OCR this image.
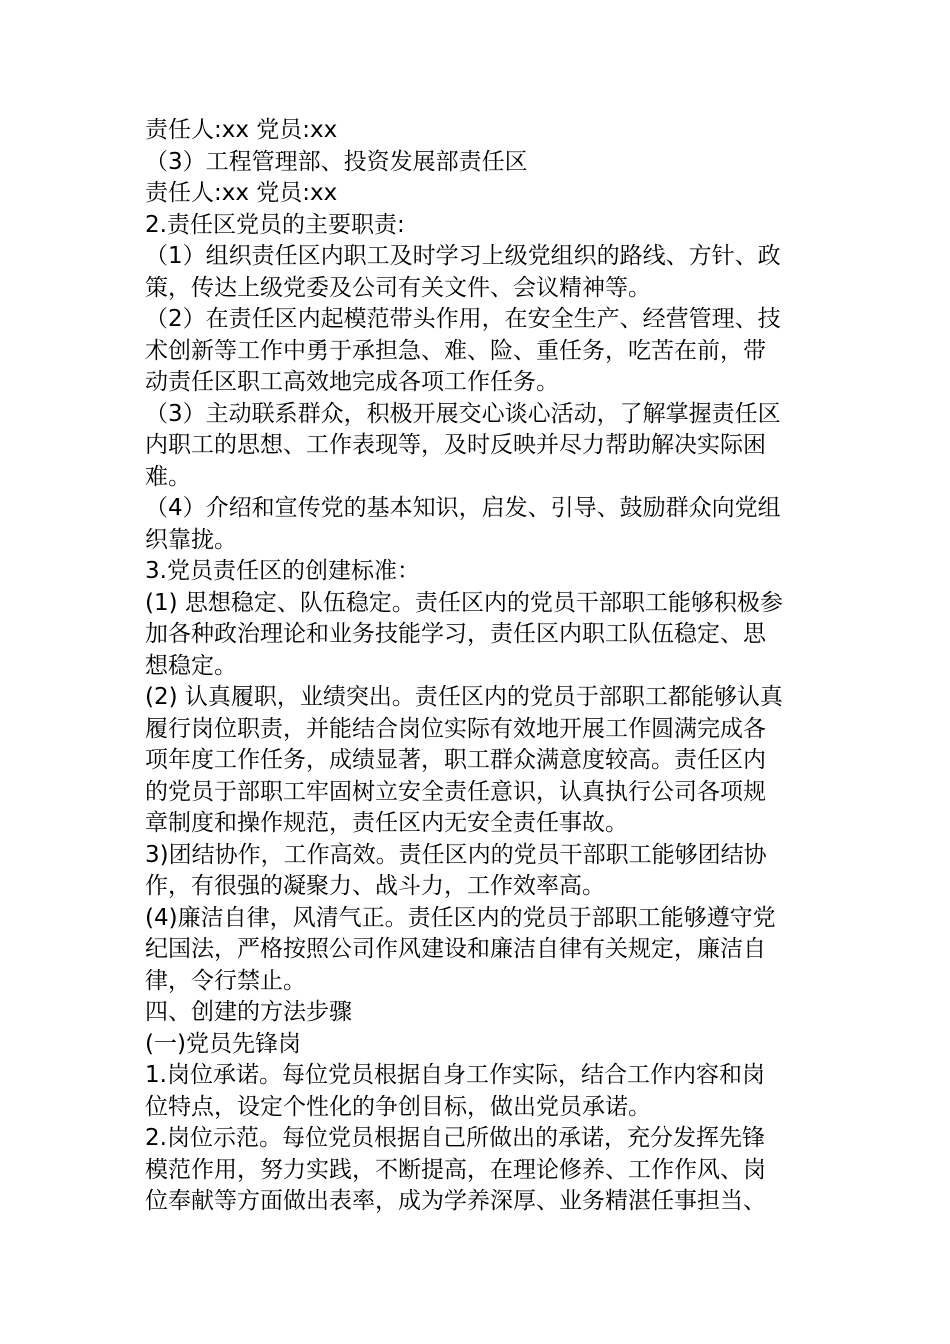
责任人:xx 党员:xx
（3）工程管理部、投资发展部责任区
责任人:xx 党员:xx
2.责任区党员的主要职责:
（1）组织责任区内职工及时学习上级党组织的路线、方针、政
策，传达上级党委及公司有关文件、会议精神等。
（2）在责任区内起模范带头作用，在安全生产、经营管理、技
术创新等工作中勇于承担急、难、险、重任务，吃苦在前，带
动责任区职工高效地完成各项工作任务。
（3）主动联系群众，积极开展交心谈心活动，了解掌握责任区
内职工的思想、工作表现等，及时反映并尽力帮助解决实际困
难。
（4）介绍和宣传党的基本知识，启发、引导、鼓励群众向党组
织靠拢。
3.党员责任区的创建标准：
(1) 思想稳定、队伍稳定。责任区内的党员干部职工能够积极参
加各种政治理论和业务技能学习，责任区内职工队伍稳定、思
想稳定。
(2) 认真履职，业绩突出。责任区内的党员于部职工都能够认真
履行岗位职责，并能结合岗位实际有效地开展工作圆满完成各
项年度工作任务，成绩显著，职工群众满意度较高。责任区内
的党员于部职工牢固树立安全责任意识，认真执行公司各项规
章制度和操作规范，责任区内无安全责任事故。
3)团结协作，工作高效。责任区内的党员干部职工能够团结协
作，有很强的凝聚力、战斗力，工作效率高。
(4)廉洁自律，风清气正。责任区内的党员于部职工能够遵守党
纪国法，严格按照公司作风建设和廉洁自律有关规定，廉洁自
律，令行禁止。
四、创建的方法步骤
(一)党员先锋岗
1.岗位承诺。每位党员根据自身工作实际，结合工作内容和岗
位特点，设定个性化的争创目标，做出党员承诺。
2.岗位示范。每位党员根据自己所做出的承诺，充分发挥先锋
模范作用，努力实践，不断提高，在理论修养、工作作风、岗
位奉献等方面做出表率，成为学养深厚、业务精湛任事担当、
